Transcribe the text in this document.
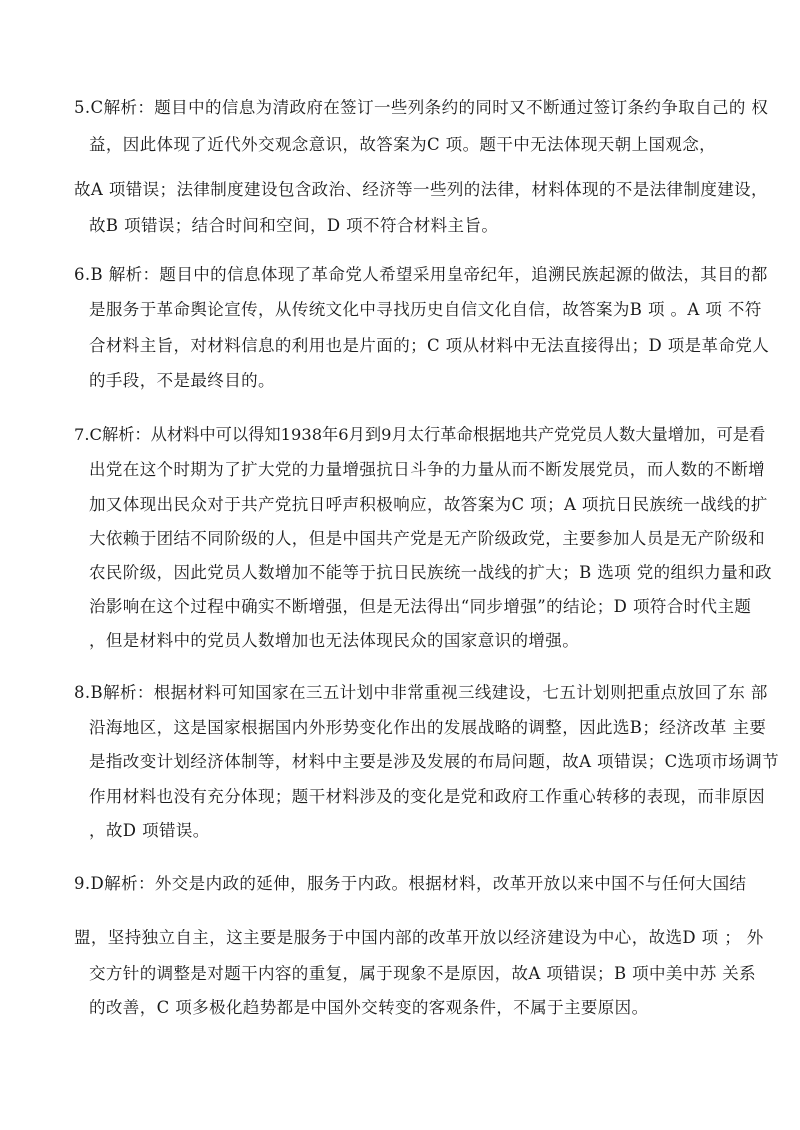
5.C解析：题目中的信息为清政府在签订一些列条约的同时又不断通过签订条约争取自己的 权
益，因此体现了近代外交观念意识，故答案为C 项。题干中无法体现天朝上国观念，
故A 项错误；法律制度建设包含政治、经济等一些列的法律，材料体现的不是法律制度建设，
故B 项错误；结合时间和空间，D 项不符合材料主旨。
6.B 解析：题目中的信息体现了革命党人希望采用皇帝纪年，追溯民族起源的做法，其目的都
是服务于革命舆论宣传，从传统文化中寻找历史自信文化自信，故答案为B 项 。A 项 不符
合材料主旨，对材料信息的利用也是片面的；C 项从材料中无法直接得出；D 项是革命党人
的手段，不是最终目的。
7.C解析：从材料中可以得知1938年6月到9月太行革命根据地共产党党员人数大量增加，可是看
出党在这个时期为了扩大党的力量增强抗日斗争的力量从而不断发展党员，而人数的不断增
加又体现出民众对于共产党抗日呼声积极响应，故答案为C 项；A 项抗日民族统一战线的扩
大依赖于团结不同阶级的人，但是中国共产党是无产阶级政党，主要参加人员是无产阶级和
农民阶级，因此党员人数增加不能等于抗日民族统一战线的扩大；B 选项 党的组织力量和政
治影响在这个过程中确实不断增强，但是无法得出“同步增强”的结论；D 项符合时代主题
，但是材料中的党员人数增加也无法体现民众的国家意识的增强。
8.B解析：根据材料可知国家在三五计划中非常重视三线建设，七五计划则把重点放回了东 部
沿海地区，这是国家根据国内外形势变化作出的发展战略的调整，因此选B；经济改革 主要
是指改变计划经济体制等，材料中主要是涉及发展的布局问题，故A 项错误；C选项市场调节
作用材料也没有充分体现；题干材料涉及的变化是党和政府工作重心转移的表现，而非原因
，故D 项错误。
9.D解析：外交是内政的延伸，服务于内政。根据材料，改革开放以来中国不与任何大国结
盟，坚持独立自主，这主要是服务于中国内部的改革开放以经济建设为中心，故选D 项 ； 外
交方针的调整是对题干内容的重复，属于现象不是原因，故A 项错误；B 项中美中苏 关系
的改善，C 项多极化趋势都是中国外交转变的客观条件，不属于主要原因。
